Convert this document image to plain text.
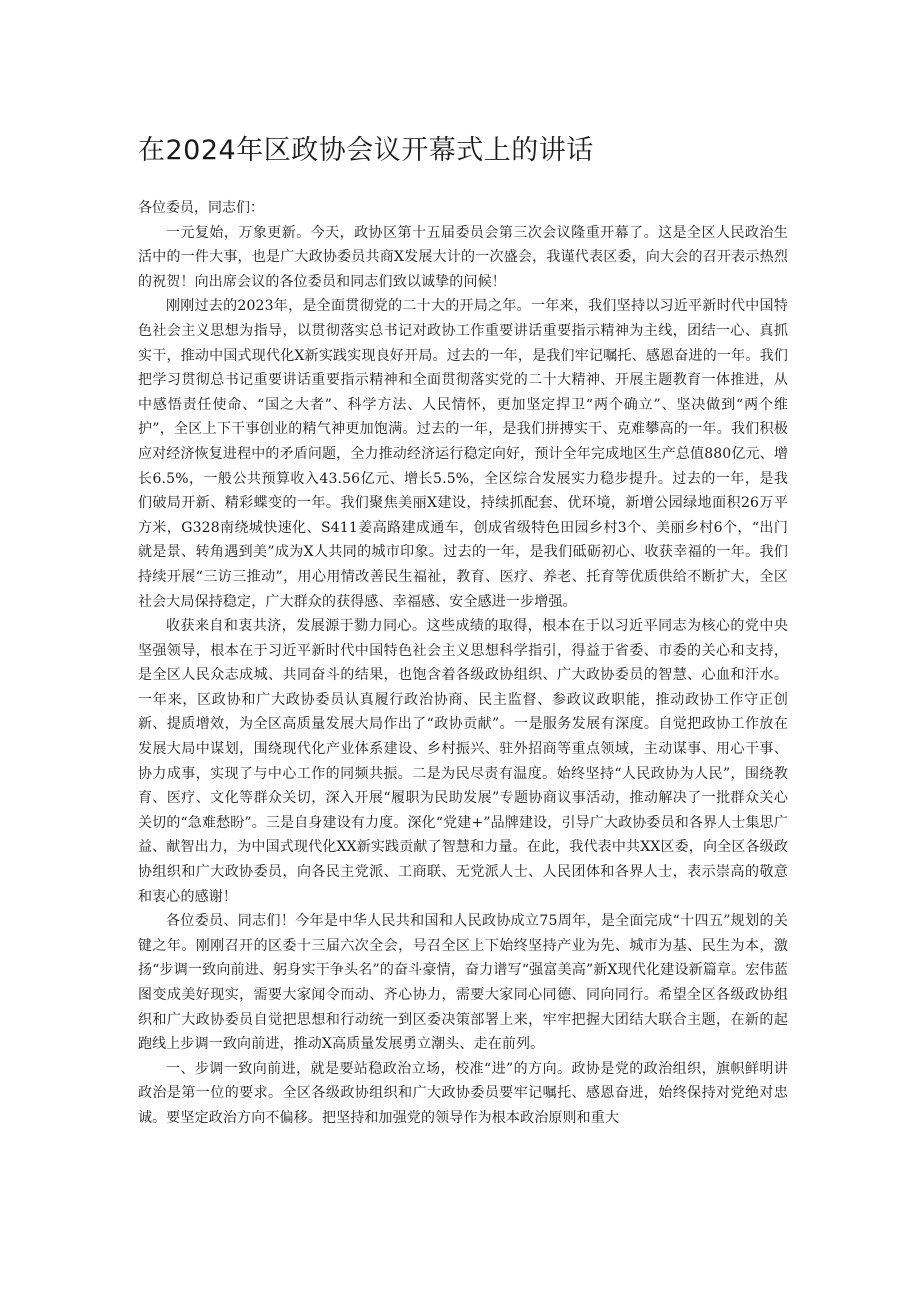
在2024年区政协会议开幕式上的讲话

各位委员，同志们：

一元复始，万象更新。今天，政协区第十五届委员会第三次会议隆重开幕了。这是全区人民政治生活中的一件大事，也是广大政协委员共商X发展大计的一次盛会，我谨代表区委，向大会的召开表示热烈的祝贺！向出席会议的各位委员和同志们致以诚挚的问候！

刚刚过去的2023年，是全面贯彻党的二十大的开局之年。一年来，我们坚持以习近平新时代中国特色社会主义思想为指导，以贯彻落实总书记对政协工作重要讲话重要指示精神为主线，团结一心、真抓实干，推动中国式现代化X新实践实现良好开局。过去的一年，是我们牢记嘱托、感恩奋进的一年。我们把学习贯彻总书记重要讲话重要指示精神和全面贯彻落实党的二十大精神、开展主题教育一体推进，从中感悟责任使命、“国之大者”、科学方法、人民情怀，更加坚定捍卫“两个确立”、坚决做到“两个维护”，全区上下干事创业的精气神更加饱满。过去的一年，是我们拼搏实干、克难攀高的一年。我们积极应对经济恢复进程中的矛盾问题，全力推动经济运行稳定向好，预计全年完成地区生产总值880亿元、增长6.5%，一般公共预算收入43.56亿元、增长5.5%，全区综合发展实力稳步提升。过去的一年，是我们破局开新、精彩蝶变的一年。我们聚焦美丽X建设，持续抓配套、优环境，新增公园绿地面积26万平方米，G328南绕城快速化、S411姜高路建成通车，创成省级特色田园乡村3个、美丽乡村6个，“出门就是景、转角遇到美”成为X人共同的城市印象。过去的一年，是我们砥砺初心、收获幸福的一年。我们持续开展“三访三推动”，用心用情改善民生福祉，教育、医疗、养老、托育等优质供给不断扩大，全区社会大局保持稳定，广大群众的获得感、幸福感、安全感进一步增强。

收获来自和衷共济，发展源于勠力同心。这些成绩的取得，根本在于以习近平同志为核心的党中央坚强领导，根本在于习近平新时代中国特色社会主义思想科学指引，得益于省委、市委的关心和支持，是全区人民众志成城、共同奋斗的结果，也饱含着各级政协组织、广大政协委员的智慧、心血和汗水。一年来，区政协和广大政协委员认真履行政治协商、民主监督、参政议政职能，推动政协工作守正创新、提质增效，为全区高质量发展大局作出了“政协贡献”。一是服务发展有深度。自觉把政协工作放在发展大局中谋划，围绕现代化产业体系建设、乡村振兴、驻外招商等重点领域，主动谋事、用心干事、协力成事，实现了与中心工作的同频共振。二是为民尽责有温度。始终坚持“人民政协为人民”，围绕教育、医疗、文化等群众关切，深入开展“履职为民助发展”专题协商议事活动，推动解决了一批群众关心关切的“急难愁盼”。三是自身建设有力度。深化“党建+”品牌建设，引导广大政协委员和各界人士集思广益、献智出力，为中国式现代化XX新实践贡献了智慧和力量。在此，我代表中共XX区委，向全区各级政协组织和广大政协委员，向各民主党派、工商联、无党派人士、人民团体和各界人士，表示崇高的敬意和衷心的感谢！

各位委员、同志们！今年是中华人民共和国和人民政协成立75周年，是全面完成“十四五”规划的关键之年。刚刚召开的区委十三届六次全会，号召全区上下始终坚持产业为先、城市为基、民生为本，激扬“步调一致向前进、躬身实干争头名”的奋斗豪情，奋力谱写“强富美高”新X现代化建设新篇章。宏伟蓝图变成美好现实，需要大家闻令而动、齐心协力，需要大家同心同德、同向同行。希望全区各级政协组织和广大政协委员自觉把思想和行动统一到区委决策部署上来，牢牢把握大团结大联合主题，在新的起跑线上步调一致向前进，推动X高质量发展勇立潮头、走在前列。

一、步调一致向前进，就是要站稳政治立场，校准“进”的方向。政协是党的政治组织，旗帜鲜明讲政治是第一位的要求。全区各级政协组织和广大政协委员要牢记嘱托、感恩奋进，始终保持对党绝对忠诚。要坚定政治方向不偏移。把坚持和加强党的领导作为根本政治原则和重大
